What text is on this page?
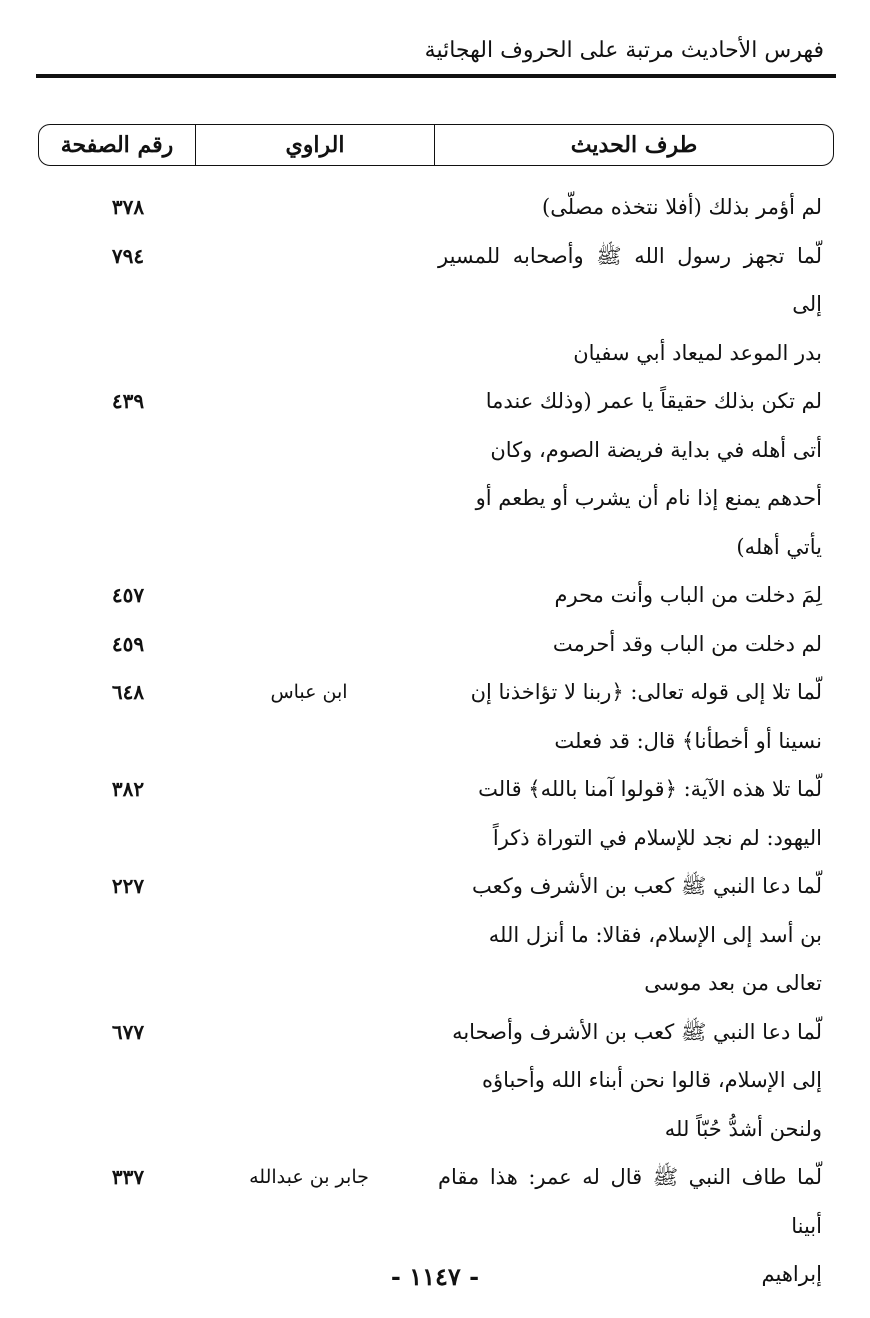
فهرس الأحاديث مرتبة على الحروف الهجائية
طرف الحديث
الراوي
رقم الصفحة
لم أؤمر بذلك (أفلا نتخذه مصلّى)
٣٧٨
لّما تجهز رسول الله ﷺ وأصحابه للمسير إلى
بدر الموعد لميعاد أبي سفيان
٧٩٤
لم تكن بذلك حقيقاً يا عمر (وذلك عندما
أتى أهله في بداية فريضة الصوم، وكان
أحدهم يمنع إذا نام أن يشرب أو يطعم أو
يأتي أهله)
٤٣٩
لِمَ دخلت من الباب وأنت محرم
٤٥٧
لم دخلت من الباب وقد أحرمت
٤٥٩
لّما تلا إلى قوله تعالى: ﴿ربنا لا تؤاخذنا إن
نسينا أو أخطأنا﴾ قال: قد فعلت
ابن عباس
٦٤٨
لّما تلا هذه الآية: ﴿قولوا آمنا بالله﴾ قالت
اليهود: لم نجد للإسلام في التوراة ذكراً
٣٨٢
لّما دعا النبي ﷺ كعب بن الأشرف وكعب
بن أسد إلى الإسلام، فقالا: ما أنزل الله
تعالى من بعد موسى
٢٢٧
لّما دعا النبي ﷺ كعب بن الأشرف وأصحابه
إلى الإسلام، قالوا نحن أبناء الله وأحباؤه
ولنحن أشدُّ حُبّاً لله
٦٧٧
لّما طاف النبي ﷺ قال له عمر: هذا مقام أبينا
إبراهيم
جابر بن عبدالله
٣٣٧
- ١١٤٧ -
